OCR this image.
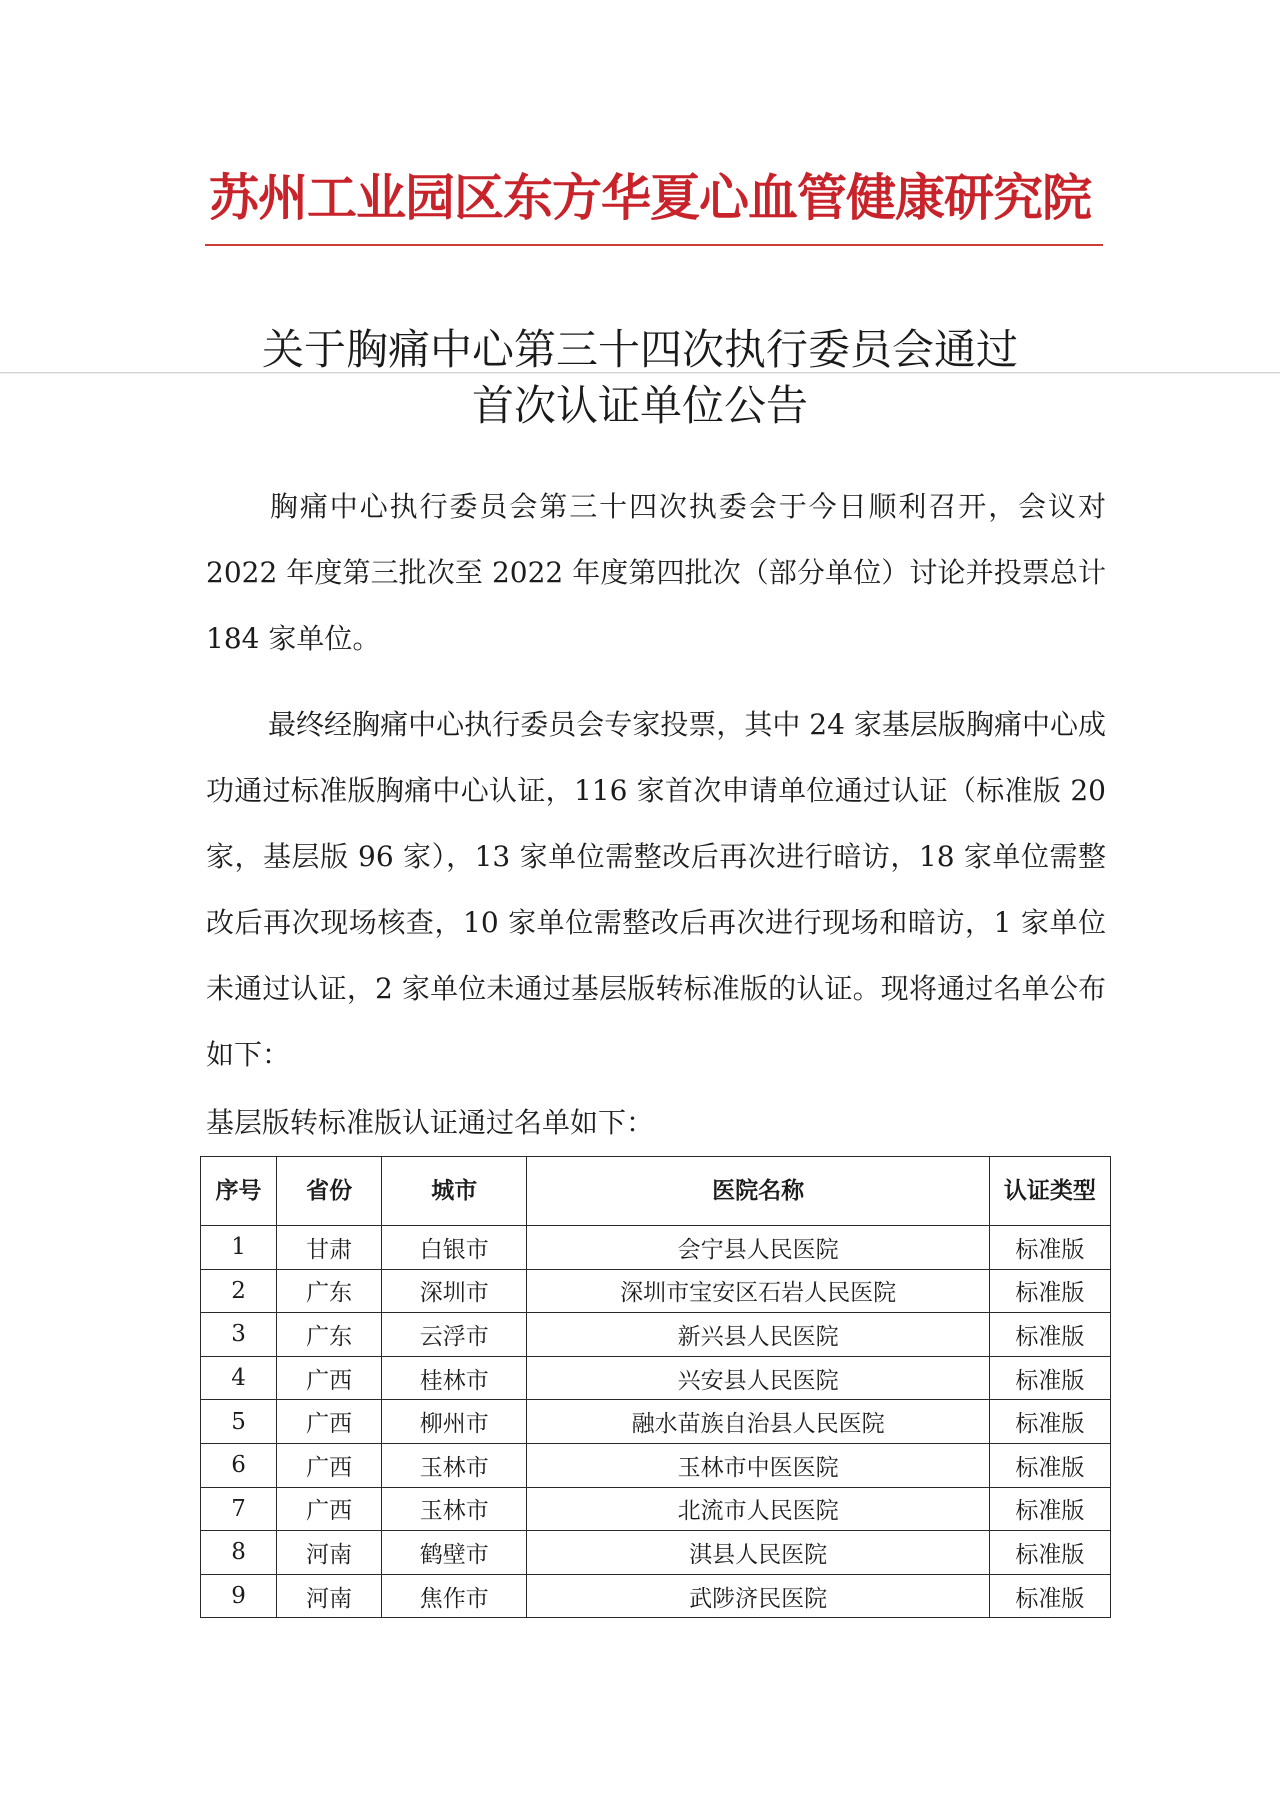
苏州工业园区东方华夏心血管健康研究院
关于胸痛中心第三十四次执行委员会通过
首次认证单位公告
胸痛中心执行委员会第三十四次执委会于今日顺利召开，会议对 2022 年度第三批次至 2022 年度第四批次（部分单位）讨论并投票总计 184 家单位。
最终经胸痛中心执行委员会专家投票，其中 24 家基层版胸痛中心成功通过标准版胸痛中心认证，116 家首次申请单位通过认证（标准版 20 家，基层版 96 家），13 家单位需整改后再次进行暗访，18 家单位需整改后再次现场核查，10 家单位需整改后再次进行现场和暗访，1 家单位未通过认证，2 家单位未通过基层版转标准版的认证。现将通过名单公布如下：
基层版转标准版认证通过名单如下：
序号	省份	城市	医院名称	认证类型
1	甘肃	白银市	会宁县人民医院	标准版
2	广东	深圳市	深圳市宝安区石岩人民医院	标准版
3	广东	云浮市	新兴县人民医院	标准版
4	广西	桂林市	兴安县人民医院	标准版
5	广西	柳州市	融水苗族自治县人民医院	标准版
6	广西	玉林市	玉林市中医医院	标准版
7	广西	玉林市	北流市人民医院	标准版
8	河南	鹤壁市	淇县人民医院	标准版
9	河南	焦作市	武陟济民医院	标准版
